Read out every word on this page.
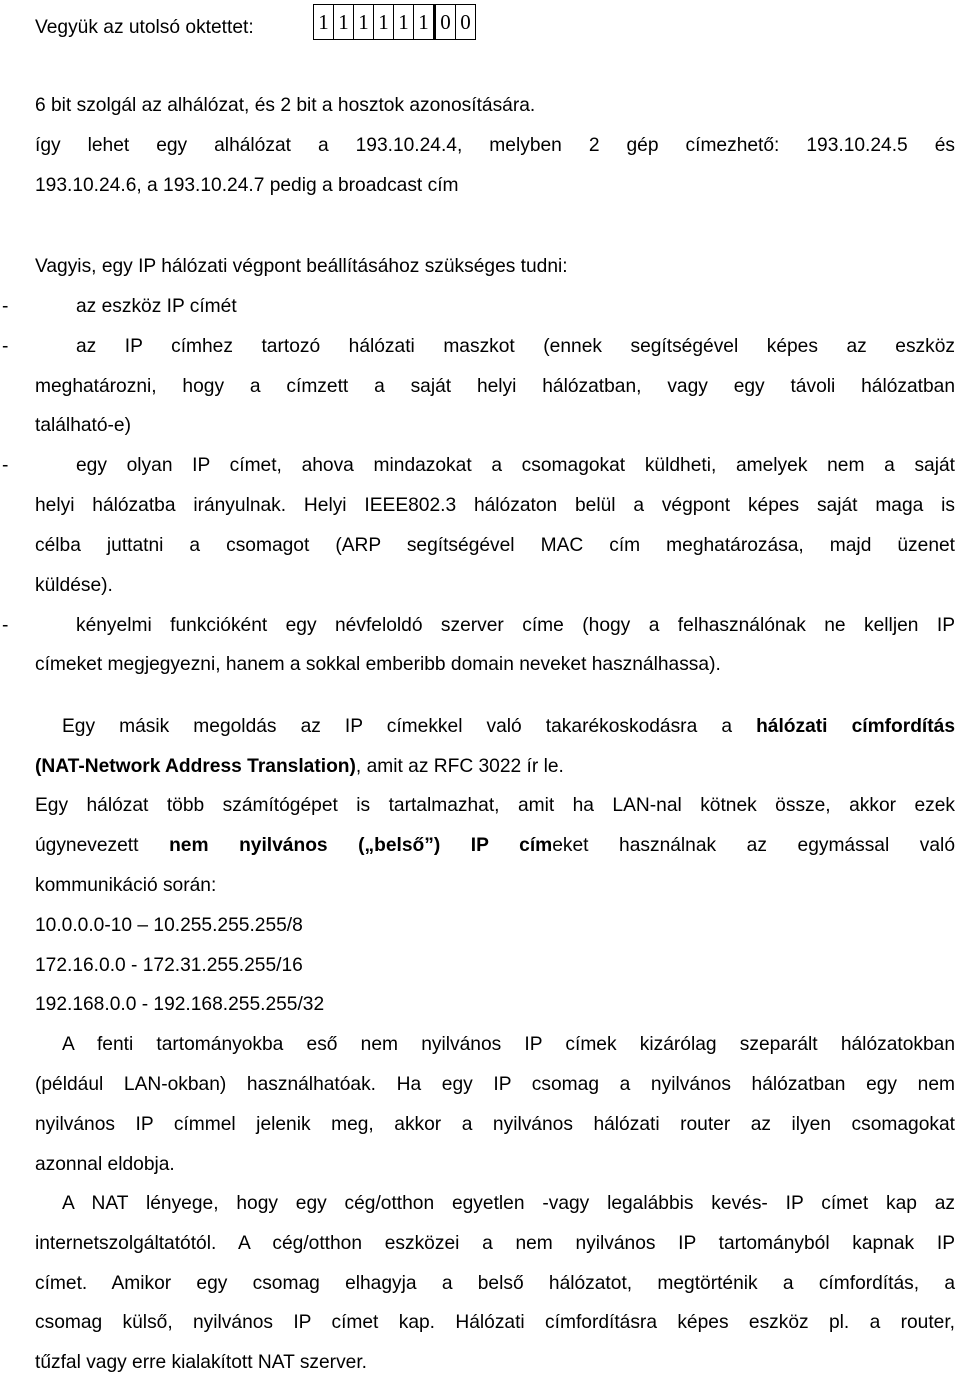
Vegyük az utolsó oktettet:	1	1	1	1	1	1	0	0
6 bit szolgál az alhálózat, és 2 bit a hosztok azonosítására.
így lehet egy alhálózat a 193.10.24.4, melyben 2 gép címezhető: 193.10.24.5 és
193.10.24.6, a 193.10.24.7 pedig a broadcast cím
Vagyis, egy IP hálózati végpont beállításához szükséges tudni:
-	az eszköz IP címét
-	az IP címhez tartozó hálózati maszkot (ennek segítségével képes az eszköz
meghatározni, hogy a címzett a saját helyi hálózatban, vagy egy távoli hálózatban
található-e)
-	egy olyan IP címet, ahova mindazokat a csomagokat küldheti, amelyek nem a saját
helyi hálózatba irányulnak. Helyi IEEE802.3 hálózaton belül a végpont képes saját maga is
célba juttatni a csomagot (ARP segítségével MAC cím meghatározása, majd üzenet
küldése).
-	kényelmi funkcióként egy névfeloldó szerver címe (hogy a felhasználónak ne kelljen IP
címeket megjegyezni, hanem a sokkal emberibb domain neveket használhassa).
Egy másik megoldás az IP címekkel való takarékoskodásra a hálózati címfordítás
(NAT-Network Address Translation), amit az RFC 3022 ír le.
Egy hálózat több számítógépet is tartalmazhat, amit ha LAN-nal kötnek össze, akkor ezek
úgynevezett nem nyilvános („belső”) IP címeket használnak az egymással való
kommunikáció során:
10.0.0.0-10 – 10.255.255.255/8
172.16.0.0 - 172.31.255.255/16
192.168.0.0 - 192.168.255.255/32
A fenti tartományokba eső nem nyilvános IP címek kizárólag szeparált hálózatokban
(például LAN-okban) használhatóak. Ha egy IP csomag a nyilvános hálózatban egy nem
nyilvános IP címmel jelenik meg, akkor a nyilvános hálózati router az ilyen csomagokat
azonnal eldobja.
A NAT lényege, hogy egy cég/otthon egyetlen -vagy legalábbis kevés- IP címet kap az
internetszolgáltatótól. A cég/otthon eszközei a nem nyilvános IP tartományból kapnak IP
címet. Amikor egy csomag elhagyja a belső hálózatot, megtörténik a címfordítás, a
csomag külső, nyilvános IP címet kap. Hálózati címfordításra képes eszköz pl. a router,
tűzfal vagy erre kialakított NAT szerver.
